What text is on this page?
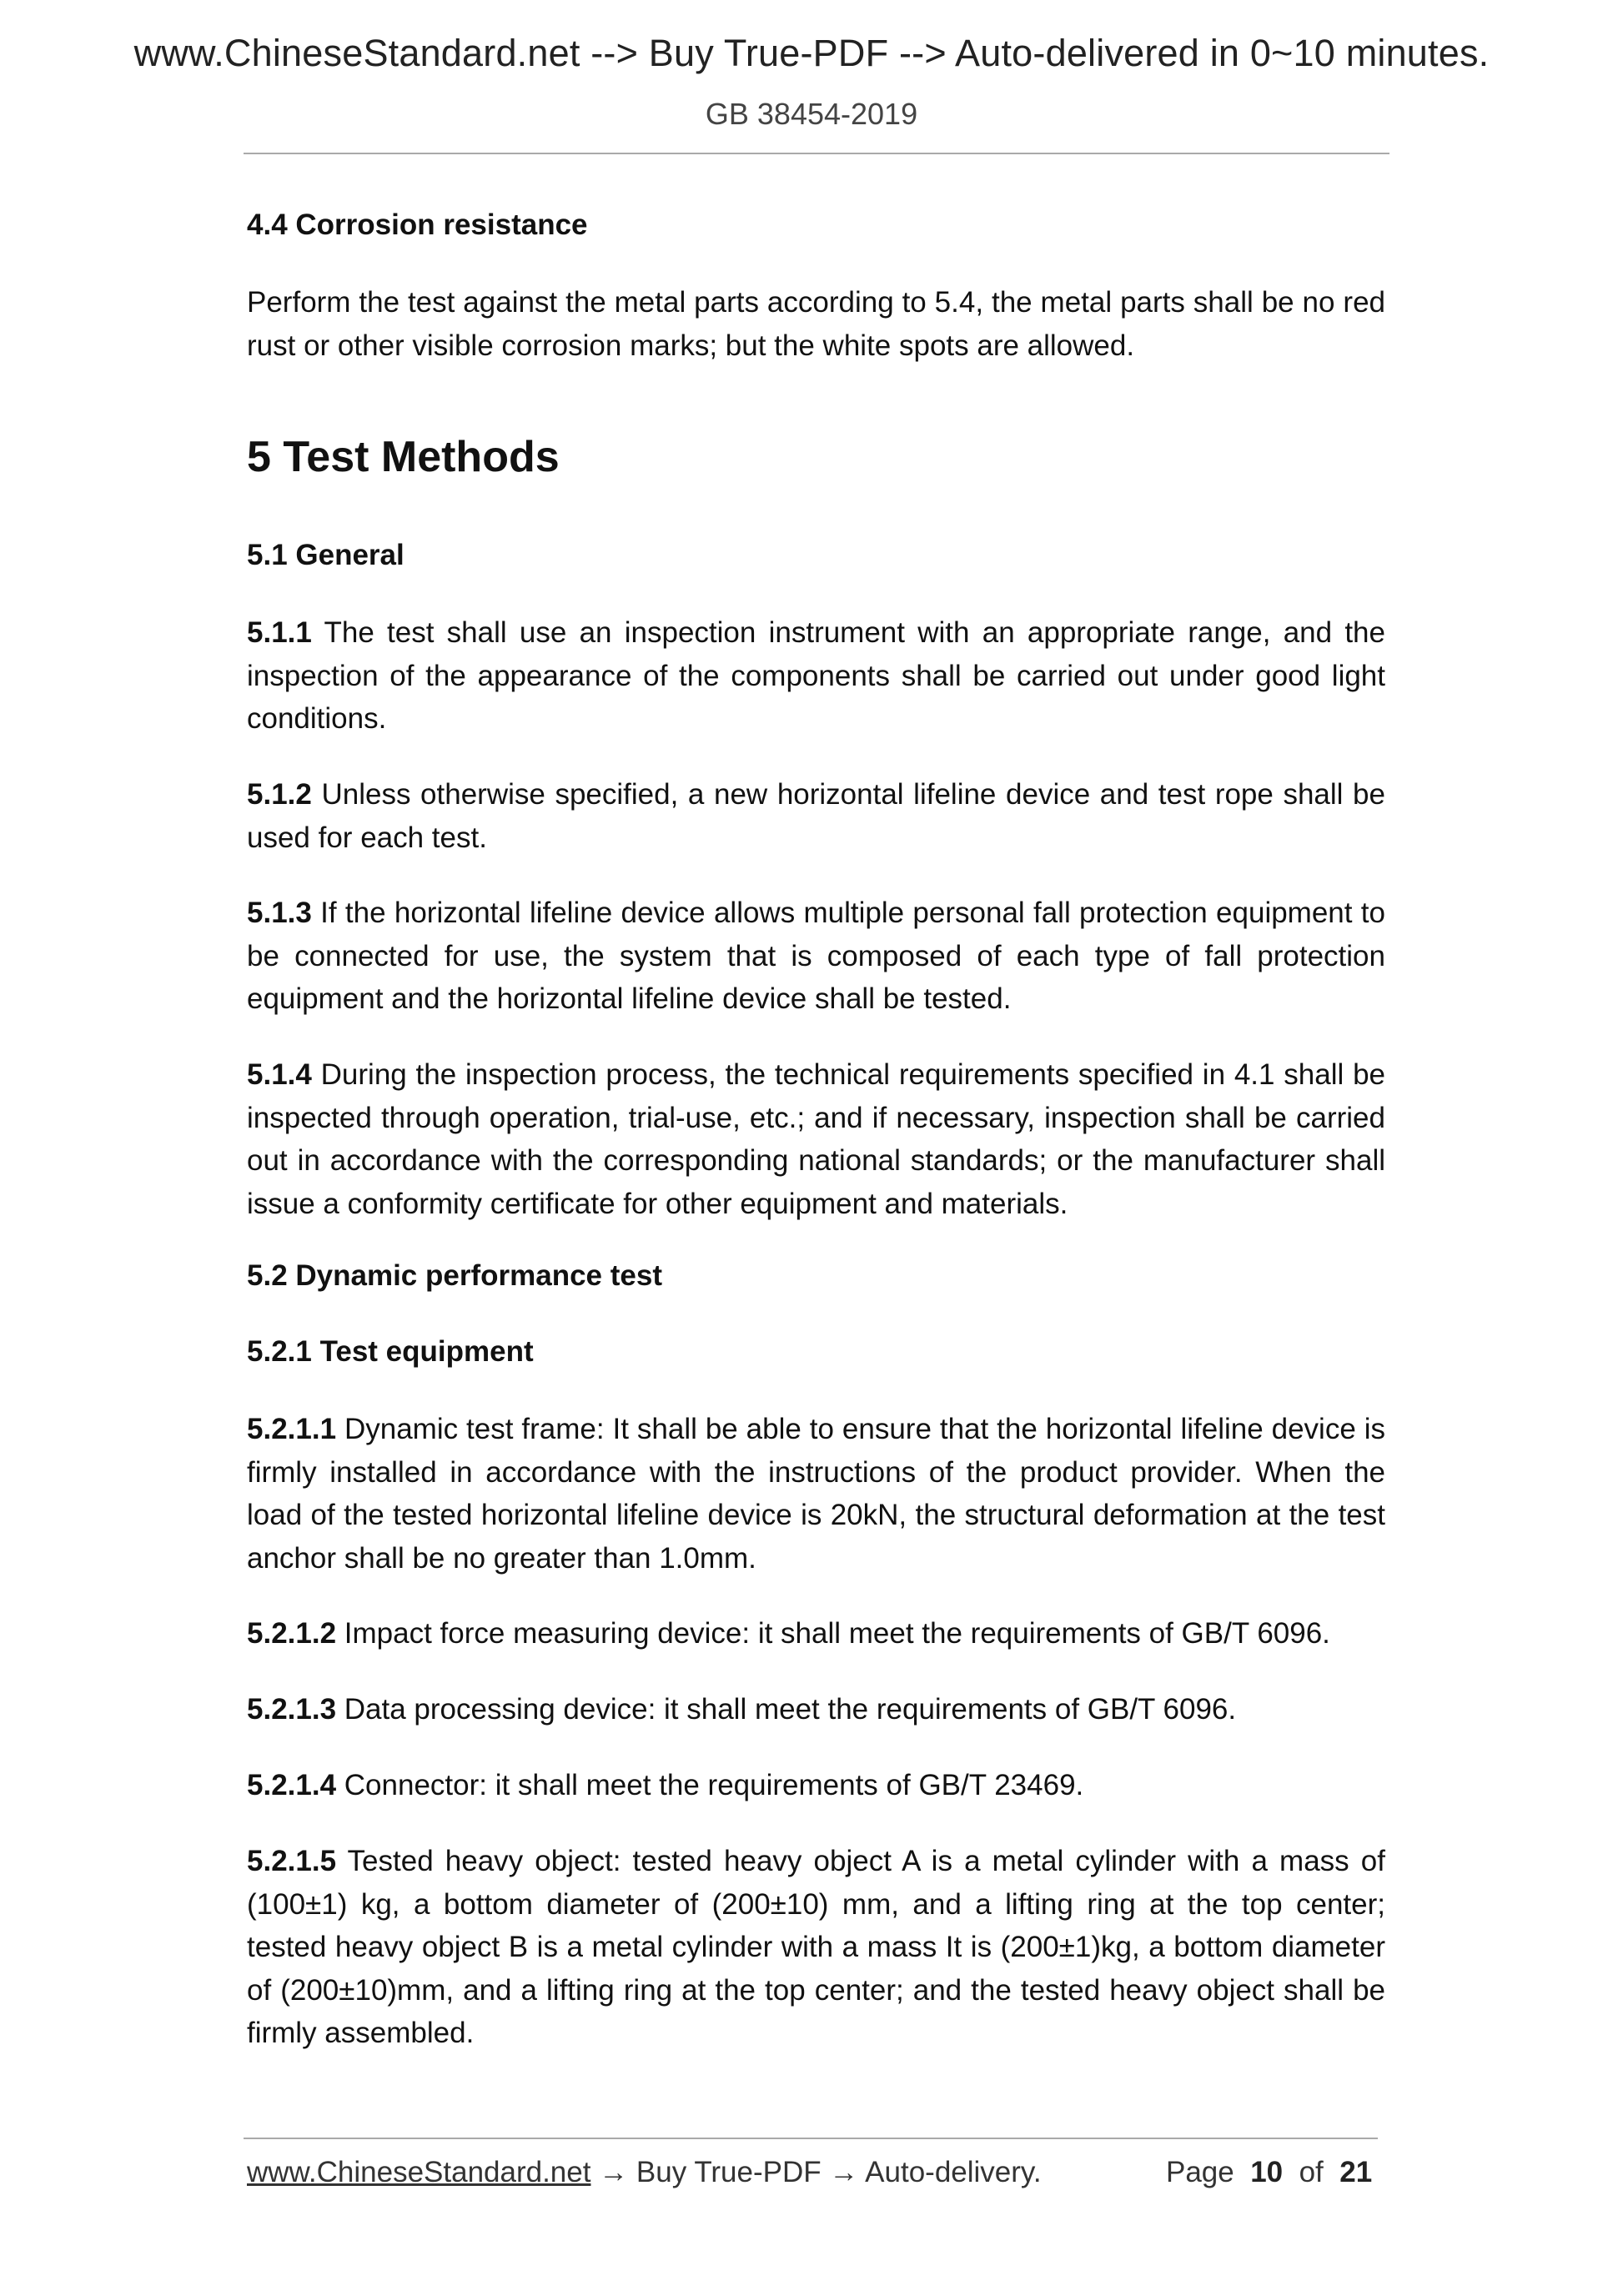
www.ChineseStandard.net --> Buy True-PDF --> Auto-delivered in 0~10 minutes.
GB 38454-2019
4.4 Corrosion resistance
Perform the test against the metal parts according to 5.4, the metal parts shall be no red rust or other visible corrosion marks; but the white spots are allowed.
5 Test Methods
5.1 General
5.1.1 The test shall use an inspection instrument with an appropriate range, and the inspection of the appearance of the components shall be carried out under good light conditions.
5.1.2 Unless otherwise specified, a new horizontal lifeline device and test rope shall be used for each test.
5.1.3 If the horizontal lifeline device allows multiple personal fall protection equipment to be connected for use, the system that is composed of each type of fall protection equipment and the horizontal lifeline device shall be tested.
5.1.4 During the inspection process, the technical requirements specified in 4.1 shall be inspected through operation, trial-use, etc.; and if necessary, inspection shall be carried out in accordance with the corresponding national standards; or the manufacturer shall issue a conformity certificate for other equipment and materials.
5.2 Dynamic performance test
5.2.1 Test equipment
5.2.1.1 Dynamic test frame: It shall be able to ensure that the horizontal lifeline device is firmly installed in accordance with the instructions of the product provider. When the load of the tested horizontal lifeline device is 20kN, the structural deformation at the test anchor shall be no greater than 1.0mm.
5.2.1.2 Impact force measuring device: it shall meet the requirements of GB/T 6096.
5.2.1.3 Data processing device: it shall meet the requirements of GB/T 6096.
5.2.1.4 Connector: it shall meet the requirements of GB/T 23469.
5.2.1.5 Tested heavy object: tested heavy object A is a metal cylinder with a mass of (100±1) kg, a bottom diameter of (200±10) mm, and a lifting ring at the top center; tested heavy object B is a metal cylinder with a mass It is (200±1)kg, a bottom diameter of (200±10)mm, and a lifting ring at the top center; and the tested heavy object shall be firmly assembled.
www.ChineseStandard.net → Buy True-PDF → Auto-delivery.	Page 10 of 21
